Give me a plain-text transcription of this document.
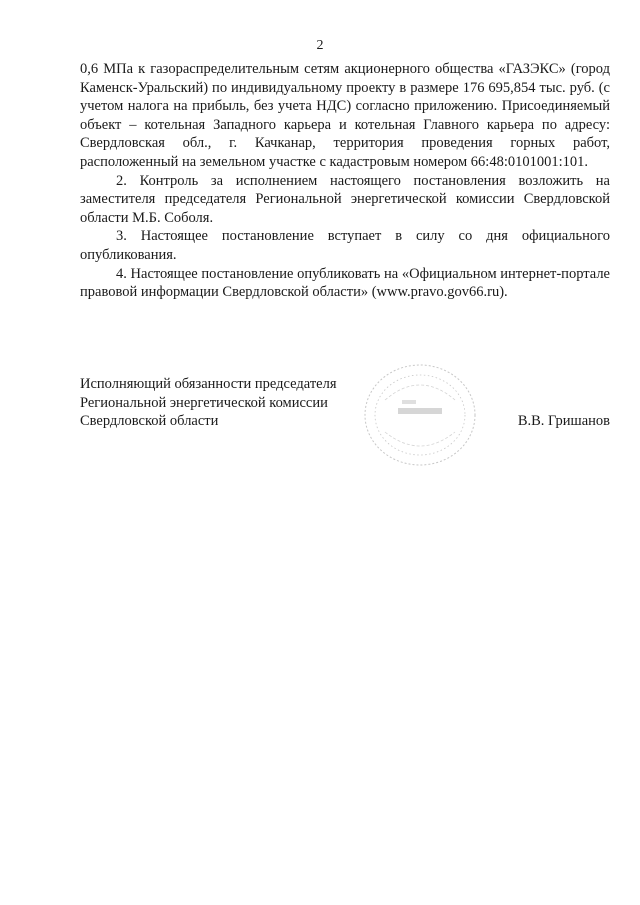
2

0,6 МПа к газораспределительным сетям акционерного общества «ГАЗЭКС» (город Каменск-Уральский) по индивидуальному проекту в размере 176 695,854 тыс. руб. (с учетом налога на прибыль, без учета НДС) согласно приложению. Присоединяемый объект – котельная Западного карьера и котельная Главного карьера по адресу: Свердловская обл., г. Качканар, территория проведения горных работ, расположенный на земельном участке с кадастровым номером 66:48:0101001:101.

2. Контроль за исполнением настоящего постановления возложить на заместителя председателя Региональной энергетической комиссии Свердловской области М.Б. Соболя.

3. Настоящее постановление вступает в силу со дня официального опубликования.

4. Настоящее постановление опубликовать на «Официальном интернет-портале правовой информации Свердловской области» (www.pravo.gov66.ru).

Исполняющий обязанности председателя
Региональной энергетической комиссии
Свердловской области	В.В. Гришанов
